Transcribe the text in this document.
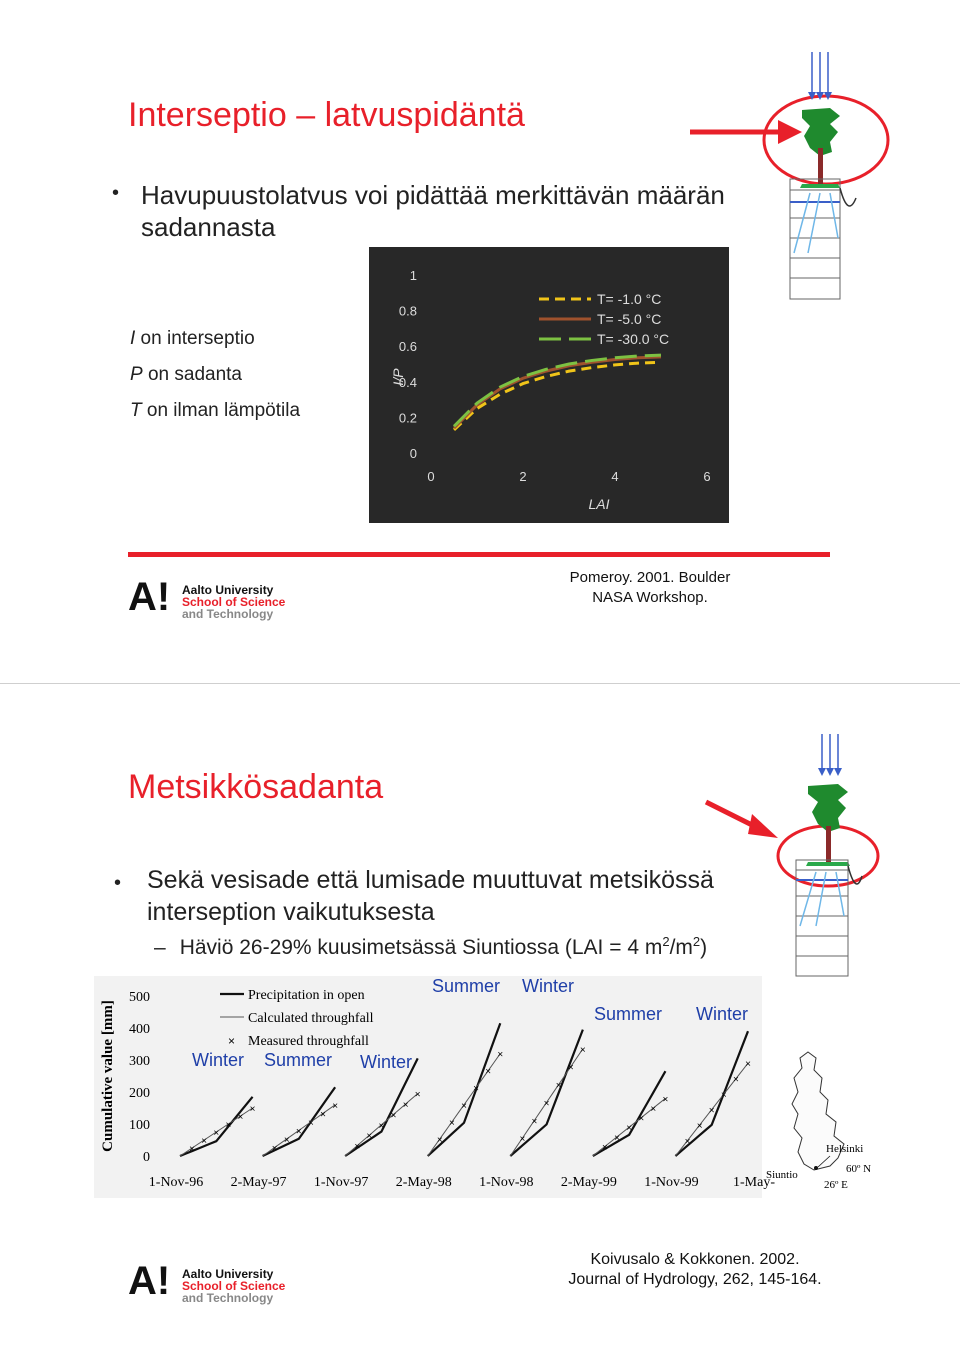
Interseptio – latvuspidäntä
• Havupuustolatvus voi pidättää merkittävän määrän sadannasta
I on interseptio
P on sadanta
T on ilman lämpötila
0
0.2
0.4
0.6
0.8
1
0	2	4	6
LAI
I/P
T= -1.0 °C
T= -5.0 °C
T= -30.0 °C
A! Aalto University
School of Science
and Technology
Pomeroy. 2001. Boulder
NASA Workshop.
Metsikkösadanta
• Sekä vesisade että lumisade muuttuvat metsikössä interseption vaikutuksesta
– Häviö 26-29% kuusimetsässä Siuntiossa (LAI = 4 $m^2/m^2$)
Cumulative value [mm]
0
100
200
300
400
500
1-Nov-96 2-May-97 1-Nov-97 2-May-98 1-Nov-98 2-May-99 1-Nov-99 1-May-
Precipitation in open
Calculated throughfall
× Measured throughfall
×
×
×
×
×
×
×
×
×
×
×
×
×
×
×
×
×
×
×
×
×
×
×
×
×
×
×
×
×
×
×
×
×
×
×
×
×
×
×
×
×
×
Winter Summer Winter
Summer Winter
Summer Winter
Siuntio
Helsinki
60º N
26º E
A! Aalto University
School of Science
and Technology
Koivusalo & Kokkonen. 2002.
Journal of Hydrology, 262, 145-164.
